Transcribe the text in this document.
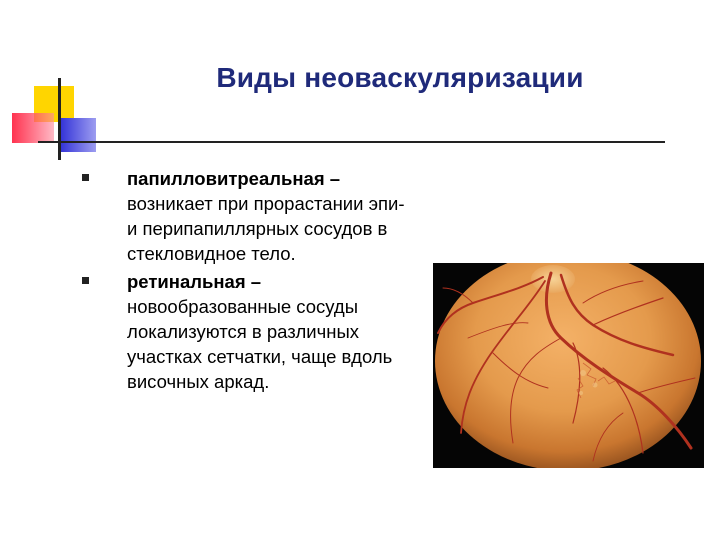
Виды неоваскуляризации
папилловитреальная – возникает при прорастании эпи- и перипапиллярных сосудов в стекловидное тело.
ретинальная – новообразованные сосуды локализуются в различных участках сетчатки, чаще вдоль височных аркад.
